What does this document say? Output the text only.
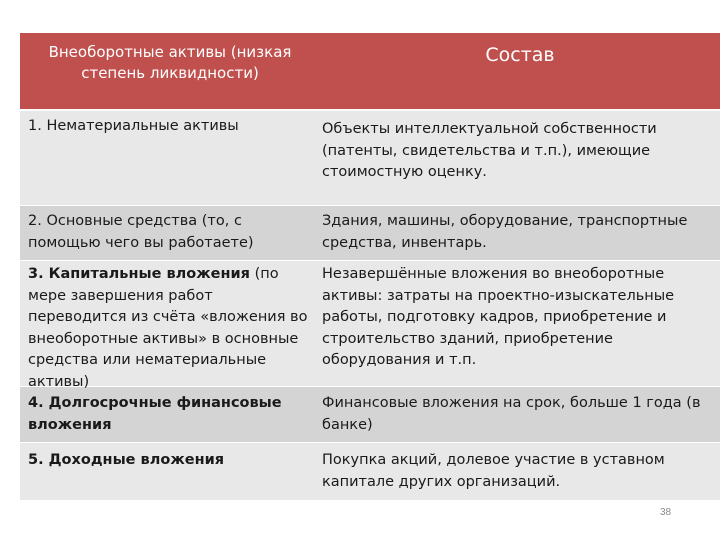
Внеоборотные активы (низкая степень ликвидности)
Состав
1. Нематериальные активы	Объекты интеллектуальной собственности (патенты, свидетельства и т.п.), имеющие стоимостную оценку.
2. Основные средства (то, с помощью чего вы работаете)
Здания, машины, оборудование, транспортные средства, инвентарь.
3. Капитальные вложения (по мере завершения работ переводится из счёта «вложения во внеоборотные активы» в основные средства или нематериальные активы)
Незавершённые вложения во внеоборотные активы: затраты на проектно-изыскательные работы, подготовку кадров, приобретение и строительство зданий, приобретение оборудования и т.п.
4. Долгосрочные финансовые вложения
Финансовые вложения на срок, больше 1 года (в банке)
5. Доходные вложения	Покупка акций, долевое участие в уставном капитале других организаций.
38
